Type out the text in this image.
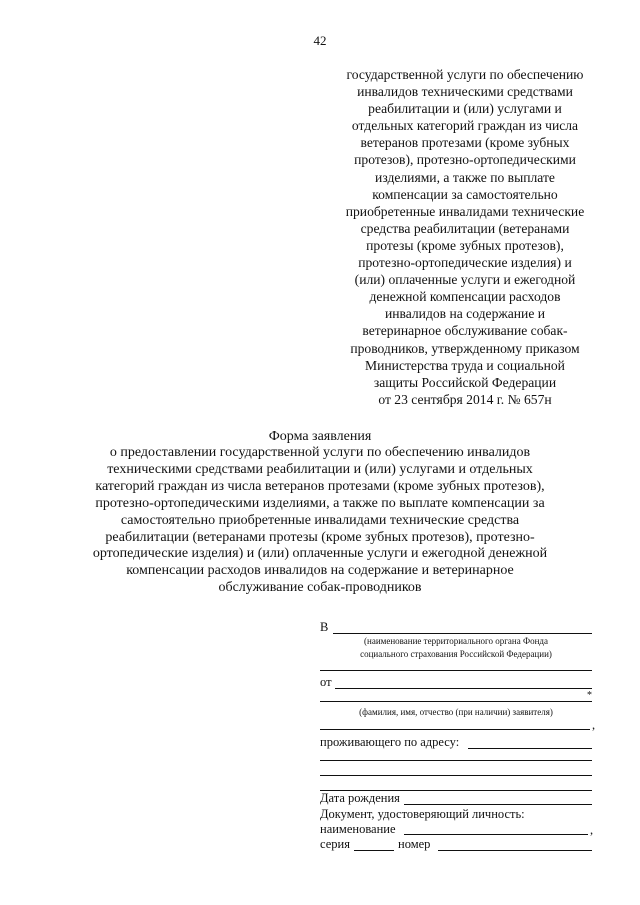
42
государственной услуги по обеспечению
инвалидов техническими средствами
реабилитации и (или) услугами и
отдельных категорий граждан из числа
ветеранов протезами (кроме зубных
протезов), протезно-ортопедическими
изделиями, а также по выплате
компенсации за самостоятельно
приобретенные инвалидами технические
средства реабилитации (ветеранами
протезы (кроме зубных протезов),
протезно-ортопедические изделия) и
(или) оплаченные услуги и ежегодной
денежной компенсации расходов
инвалидов на содержание и
ветеринарное обслуживание собак-
проводников, утвержденному приказом
Министерства труда и социальной
защиты Российской Федерации
от 23 сентября 2014 г. № 657н
Форма заявления
о предоставлении государственной услуги по обеспечению инвалидов
техническими средствами реабилитации и (или) услугами и отдельных
категорий граждан из числа ветеранов протезами (кроме зубных протезов),
протезно-ортопедическими изделиями, а также по выплате компенсации за
самостоятельно приобретенные инвалидами технические средства
реабилитации (ветеранами протезы (кроме зубных протезов), протезно-
ортопедические изделия) и (или) оплаченные услуги и ежегодной денежной
компенсации расходов инвалидов на содержание и ветеринарное
обслуживание собак-проводников
В
(наименование территориального органа Фонда
социального страхования Российской Федерации)
от
*
(фамилия, имя, отчество (при наличии) заявителя)
,
проживающего по адресу:
Дата рождения
Документ, удостоверяющий личность:
наименование	,
серия	номер
